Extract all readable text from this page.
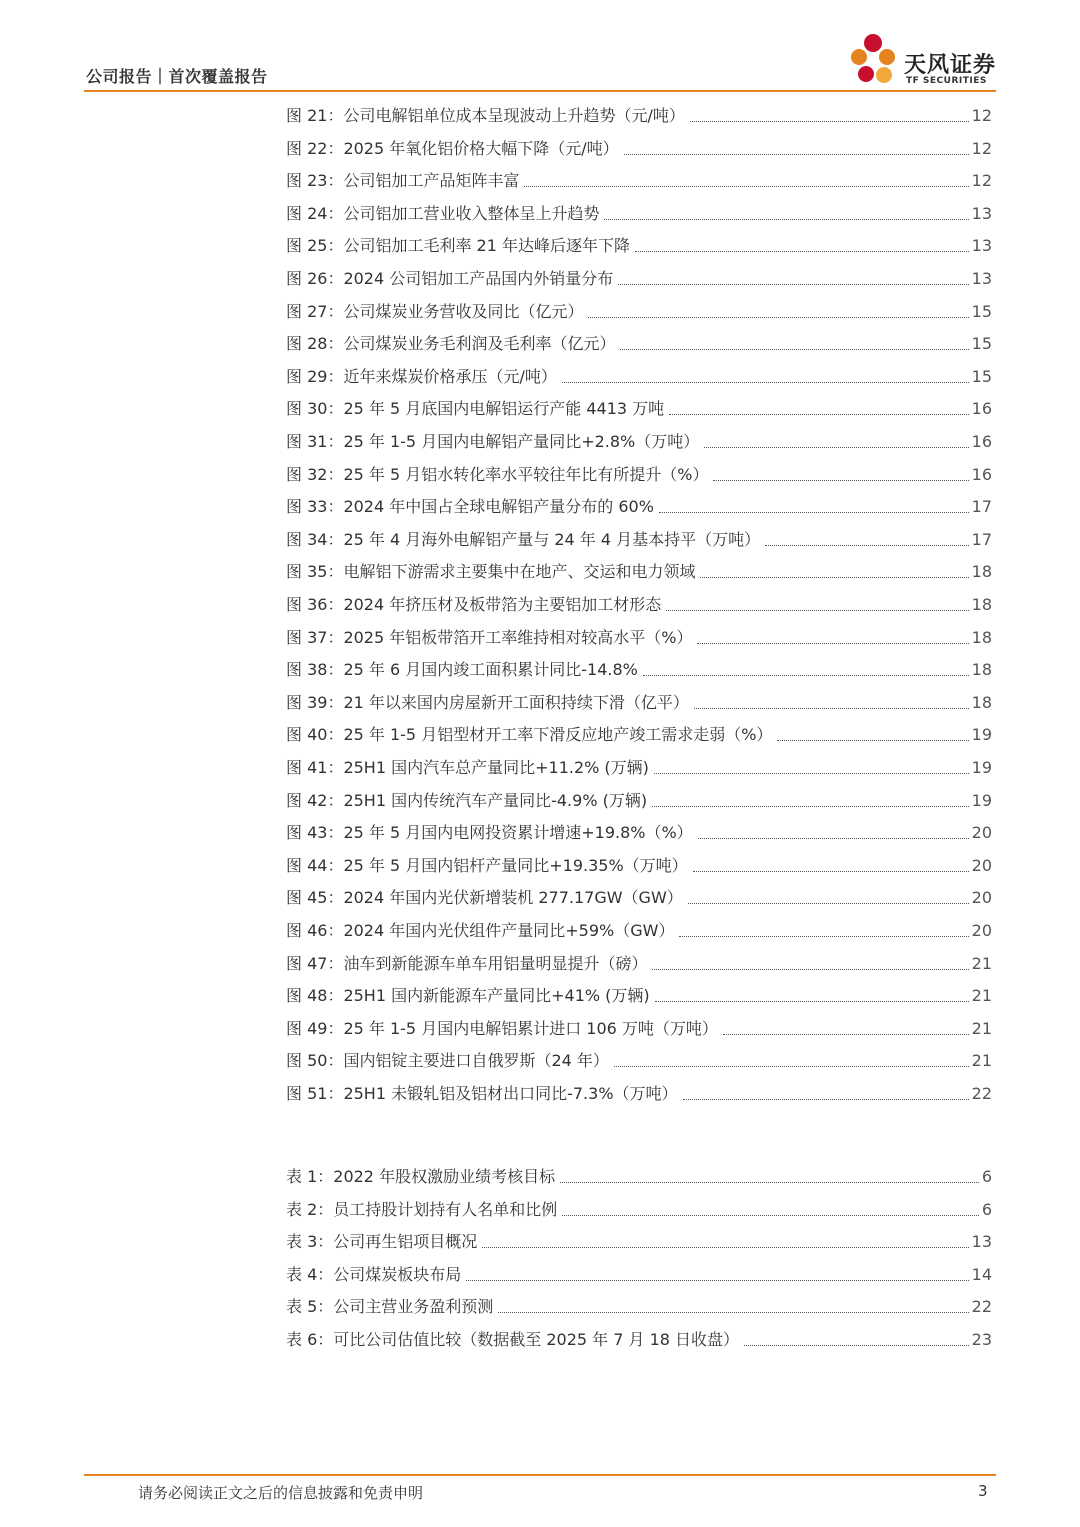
公司报告｜首次覆盖报告	天风证券
TF SECURITIES
图 21：公司电解铝单位成本呈现波动上升趋势（元/吨）	12
图 22：2025 年氧化铝价格大幅下降（元/吨）	12
图 23：公司铝加工产品矩阵丰富	12
图 24：公司铝加工营业收入整体呈上升趋势	13
图 25：公司铝加工毛利率 21 年达峰后逐年下降	13
图 26：2024 公司铝加工产品国内外销量分布	13
图 27：公司煤炭业务营收及同比（亿元）	15
图 28：公司煤炭业务毛利润及毛利率（亿元）	15
图 29：近年来煤炭价格承压（元/吨）	15
图 30：25 年 5 月底国内电解铝运行产能 4413 万吨	16
图 31：25 年 1-5 月国内电解铝产量同比+2.8%（万吨）	16
图 32：25 年 5 月铝水转化率水平较往年比有所提升（%）	16
图 33：2024 年中国占全球电解铝产量分布的 60%	17
图 34：25 年 4 月海外电解铝产量与 24 年 4 月基本持平（万吨）	17
图 35：电解铝下游需求主要集中在地产、交运和电力领域	18
图 36：2024 年挤压材及板带箔为主要铝加工材形态	18
图 37：2025 年铝板带箔开工率维持相对较高水平（%）	18
图 38：25 年 6 月国内竣工面积累计同比-14.8%	18
图 39：21 年以来国内房屋新开工面积持续下滑（亿平）	18
图 40：25 年 1-5 月铝型材开工率下滑反应地产竣工需求走弱（%）	19
图 41：25H1 国内汽车总产量同比+11.2% (万辆)	19
图 42：25H1 国内传统汽车产量同比-4.9% (万辆)	19
图 43：25 年 5 月国内电网投资累计增速+19.8%（%）	20
图 44：25 年 5 月国内铝杆产量同比+19.35%（万吨）	20
图 45：2024 年国内光伏新增装机 277.17GW（GW）	20
图 46：2024 年国内光伏组件产量同比+59%（GW）	20
图 47：油车到新能源车单车用铝量明显提升（磅）	21
图 48：25H1 国内新能源车产量同比+41% (万辆)	21
图 49：25 年 1-5 月国内电解铝累计进口 106 万吨（万吨）	21
图 50：国内铝锭主要进口自俄罗斯（24 年）	21
图 51：25H1 未锻轧铝及铝材出口同比-7.3%（万吨）	22
表 1：2022 年股权激励业绩考核目标	6
表 2：员工持股计划持有人名单和比例	6
表 3：公司再生铝项目概况	13
表 4：公司煤炭板块布局	14
表 5：公司主营业务盈利预测	22
表 6：可比公司估值比较（数据截至 2025 年 7 月 18 日收盘）	23
请务必阅读正文之后的信息披露和免责申明	3
